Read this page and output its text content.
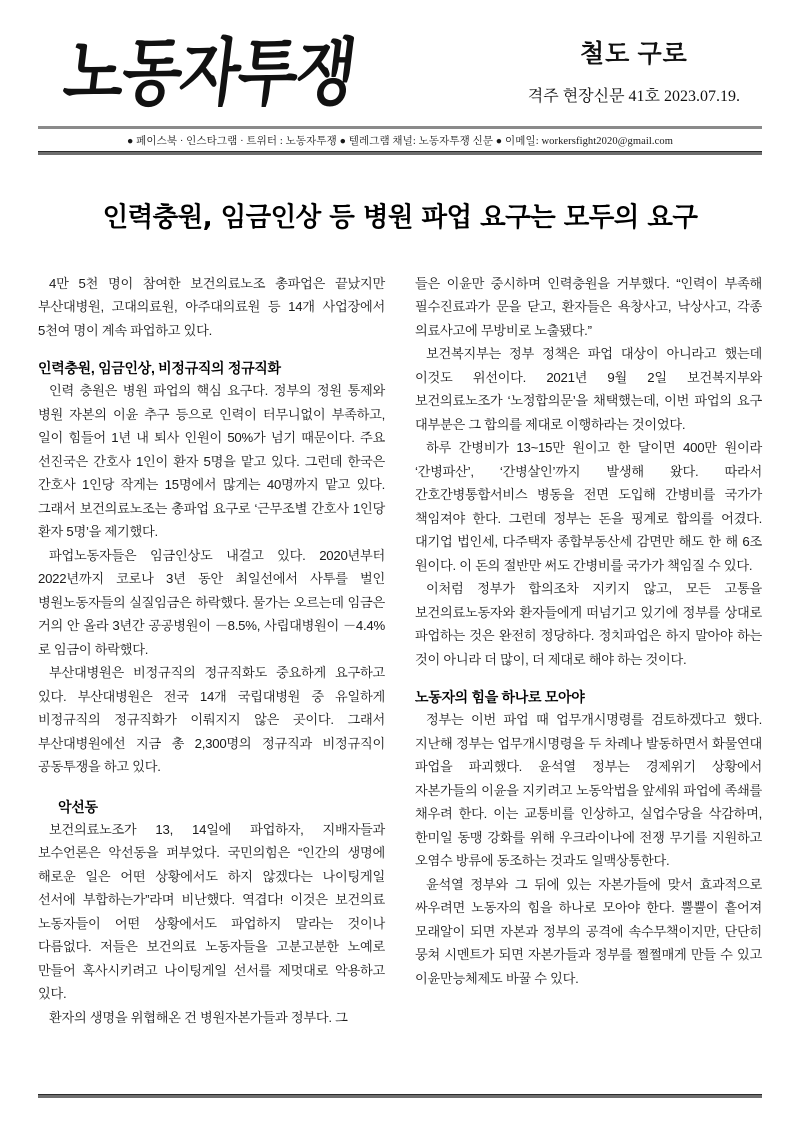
노동자투쟁	철도 구로
격주 현장신문 41호 2023.07.19.
● 페이스북 · 인스타그램 · 트위터 : 노동자투쟁 ● 텔레그램 채널: 노동자투쟁 신문 ● 이메일: workersfight2020@gmail.com
인력충원, 임금인상 등 병원 파업 요구는 모두의 요구

4만 5천 명이 참여한 보건의료노조 총파업은 끝났지만 부산대병원, 고대의료원, 아주대의료원 등 14개 사업장에서 5천여 명이 계속 파업하고 있다.

인력충원, 임금인상, 비정규직의 정규직화

인력 충원은 병원 파업의 핵심 요구다. 정부의 정원 통제와 병원 자본의 이윤 추구 등으로 인력이 터무니없이 부족하고, 일이 힘들어 1년 내 퇴사 인원이 50%가 넘기 때문이다. 주요 선진국은 간호사 1인이 환자 5명을 맡고 있다. 그런데 한국은 간호사 1인당 작게는 15명에서 많게는 40명까지 맡고 있다. 그래서 보건의료노조는 총파업 요구로 ‘근무조별 간호사 1인당 환자 5명’을 제기했다.

파업노동자들은 임금인상도 내걸고 있다. 2020년부터 2022년까지 코로나 3년 동안 최일선에서 사투를 벌인 병원노동자들의 실질임금은 하락했다. 물가는 오르는데 임금은 거의 안 올라 3년간 공공병원이 －8.5%, 사립대병원이 －4.4%로 임금이 하락했다.

부산대병원은 비정규직의 정규직화도 중요하게 요구하고 있다. 부산대병원은 전국 14개 국립대병원 중 유일하게 비정규직의 정규직화가 이뤄지지 않은 곳이다. 그래서 부산대병원에선 지금 총 2,300명의 정규직과 비정규직이 공동투쟁을 하고 있다.

악선동

보건의료노조가 13, 14일에 파업하자, 지배자들과 보수언론은 악선동을 퍼부었다. 국민의힘은 “인간의 생명에 해로운 일은 어떤 상황에서도 하지 않겠다는 나이팅게일 선서에 부합하는가”라며 비난했다. 역겹다! 이것은 보건의료 노동자들이 어떤 상황에서도 파업하지 말라는 것이나 다름없다. 저들은 보건의료 노동자들을 고분고분한 노예로 만들어 혹사시키려고 나이팅게일 선서를 제멋대로 악용하고 있다.

환자의 생명을 위협해온 건 병원자본가들과 정부다. 그

들은 이윤만 중시하며 인력충원을 거부했다. “인력이 부족해 필수진료과가 문을 닫고, 환자들은 욕창사고, 낙상사고, 각종 의료사고에 무방비로 노출됐다.”

보건복지부는 정부 정책은 파업 대상이 아니라고 했는데 이것도 위선이다. 2021년 9월 2일 보건복지부와 보건의료노조가 ‘노정합의문’을 채택했는데, 이번 파업의 요구 대부분은 그 합의를 제대로 이행하라는 것이었다.

하루 간병비가 13~15만 원이고 한 달이면 400만 원이라 ‘간병파산’, ‘간병살인’까지 발생해 왔다. 따라서 간호간병통합서비스 병동을 전면 도입해 간병비를 국가가 책임져야 한다. 그런데 정부는 돈을 핑계로 합의를 어겼다. 대기업 법인세, 다주택자 종합부동산세 감면만 해도 한 해 6조 원이다. 이 돈의 절반만 써도 간병비를 국가가 책임질 수 있다.

이처럼 정부가 합의조차 지키지 않고, 모든 고통을 보건의료노동자와 환자들에게 떠넘기고 있기에 정부를 상대로 파업하는 것은 완전히 정당하다. 정치파업은 하지 말아야 하는 것이 아니라 더 많이, 더 제대로 해야 하는 것이다.

노동자의 힘을 하나로 모아야

정부는 이번 파업 때 업무개시명령를 검토하겠다고 했다. 지난해 정부는 업무개시명령을 두 차례나 발동하면서 화물연대 파업을 파괴했다. 윤석열 정부는 경제위기 상황에서 자본가들의 이윤을 지키려고 노동악법을 앞세워 파업에 족쇄를 채우려 한다. 이는 교통비를 인상하고, 실업수당을 삭감하며, 한미일 동맹 강화를 위해 우크라이나에 전쟁 무기를 지원하고 오염수 방류에 동조하는 것과도 일맥상통한다.

윤석열 정부와 그 뒤에 있는 자본가들에 맞서 효과적으로 싸우려면 노동자의 힘을 하나로 모아야 한다. 뿔뿔이 흩어져 모래알이 되면 자본과 정부의 공격에 속수무책이지만, 단단히 뭉쳐 시멘트가 되면 자본가들과 정부를 쩔쩔매게 만들 수 있고 이윤만능체제도 바꿀 수 있다.
